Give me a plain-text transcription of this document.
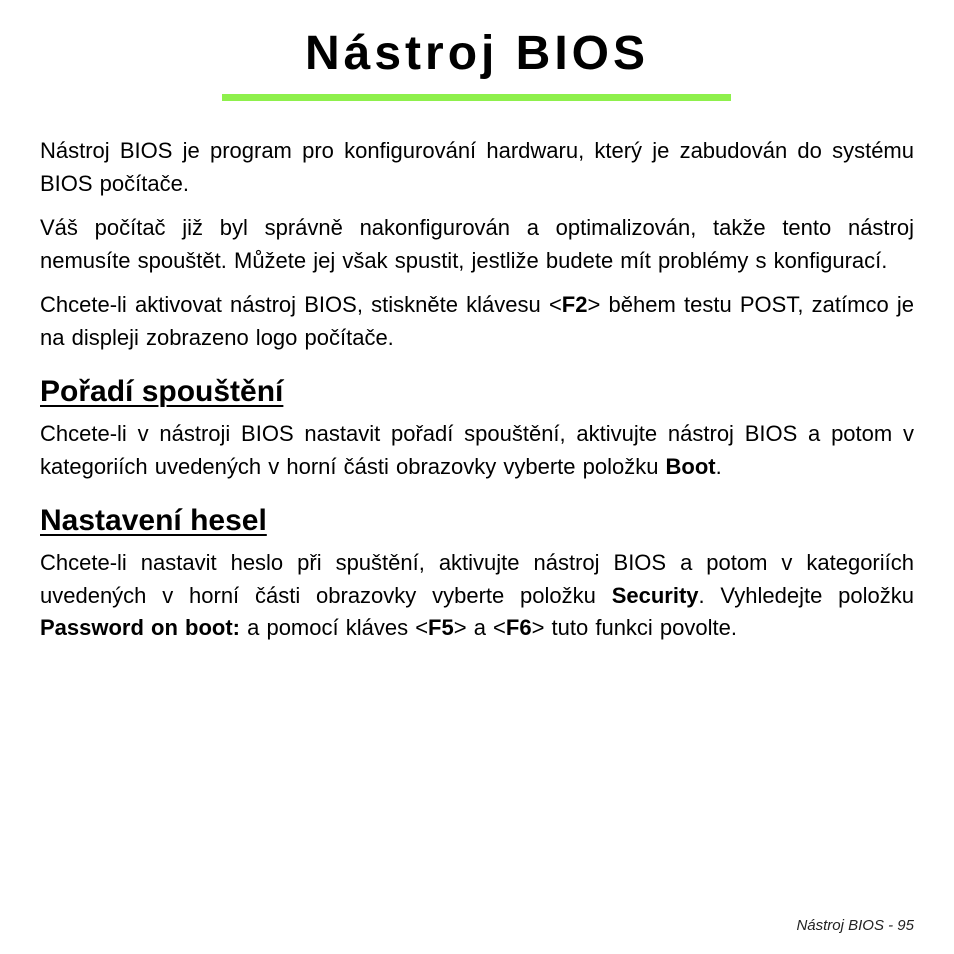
Nástroj BIOS

Nástroj BIOS je program pro konfigurování hardwaru, který je zabudován do systému BIOS počítače.

Váš počítač již byl správně nakonfigurován a optimalizován, takže tento nástroj nemusíte spouštět. Můžete jej však spustit, jestliže budete mít problémy s konfigurací.

Chcete-li aktivovat nástroj BIOS, stiskněte klávesu <F2> během testu POST, zatímco je na displeji zobrazeno logo počítače.

Pořadí spouštění

Chcete-li v nástroji BIOS nastavit pořadí spouštění, aktivujte nástroj BIOS a potom v kategoriích uvedených v horní části obrazovky vyberte položku Boot.

Nastavení hesel

Chcete-li nastavit heslo při spuštění, aktivujte nástroj BIOS a potom v kategoriích uvedených v horní části obrazovky vyberte položku Security. Vyhledejte položku Password on boot: a pomocí kláves <F5> a <F6> tuto funkci povolte.

Nástroj BIOS - 95
